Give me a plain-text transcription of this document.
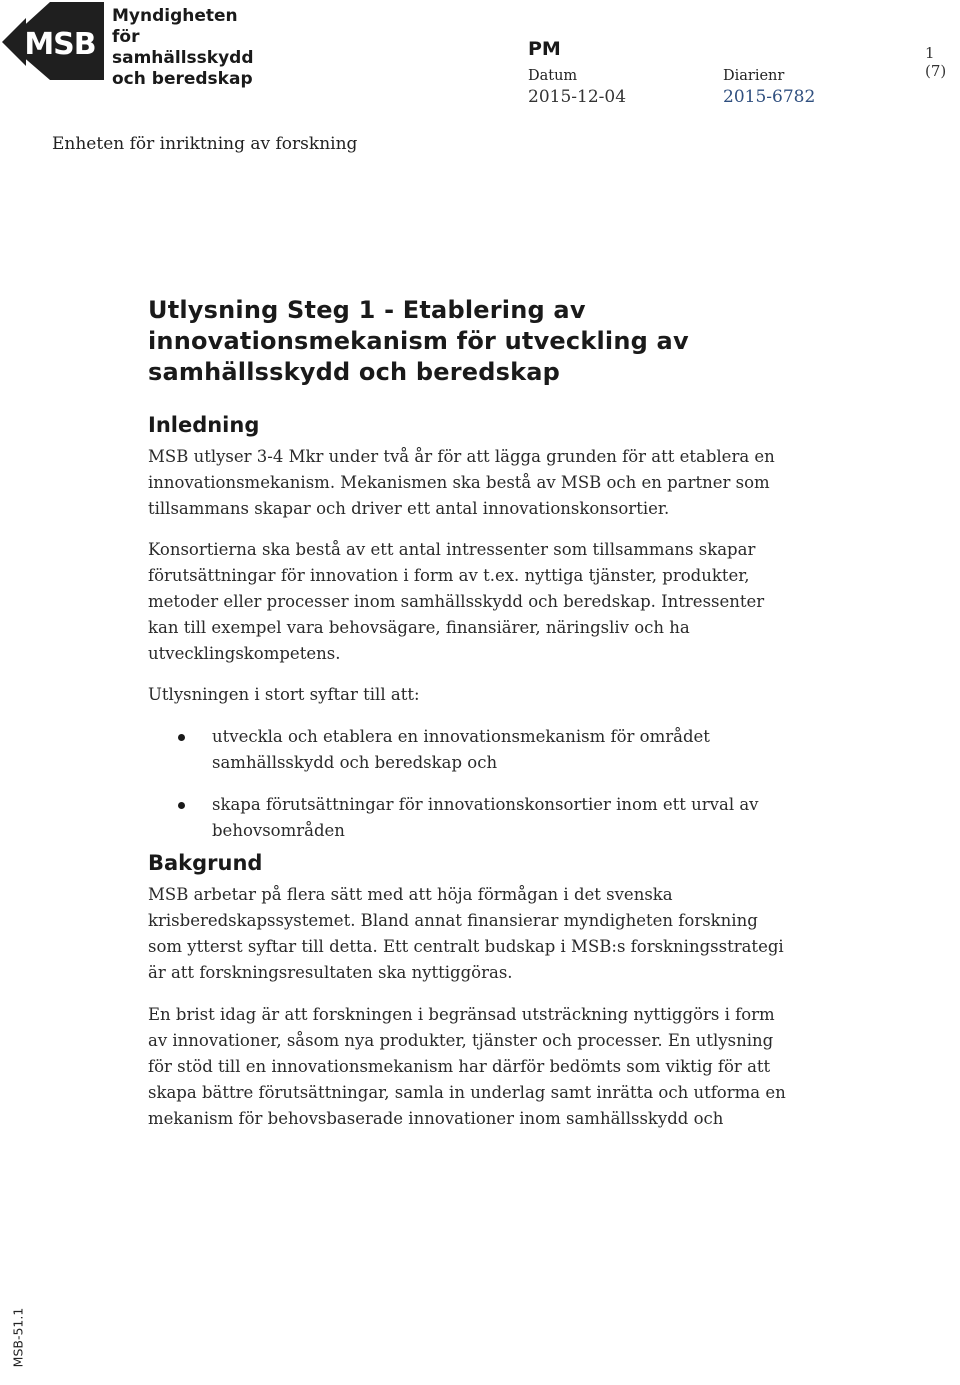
MSB
Myndigheten för
samhällsskydd
och beredskap
PM	1 (7)
Datum
2015-12-04
Diarienr
2015-6782
Enheten för inriktning av forskning
Utlysning Steg 1 - Etablering av innovationsmekanism för utveckling av samhällsskydd och beredskap
Inledning

MSB utlyser 3-4 Mkr under två år för att lägga grunden för att etablera en innovationsmekanism. Mekanismen ska bestå av MSB och en partner som tillsammans skapar och driver ett antal innovationskonsortier.

Konsortierna ska bestå av ett antal intressenter som tillsammans skapar förutsättningar för innovation i form av t.ex. nyttiga tjänster, produkter, metoder eller processer inom samhällsskydd och beredskap. Intressenter kan till exempel vara behovsägare, finansiärer, näringsliv och ha utvecklingskompetens.

Utlysningen i stort syftar till att:

utveckla och etablera en innovationsmekanism för området samhällsskydd och beredskap och
skapa förutsättningar för innovationskonsortier inom ett urval av behovsområden
Bakgrund

MSB arbetar på flera sätt med att höja förmågan i det svenska krisberedskapssystemet. Bland annat finansierar myndigheten forskning som ytterst syftar till detta. Ett centralt budskap i MSB:s forskningsstrategi är att forskningsresultaten ska nyttiggöras.

En brist idag är att forskningen i begränsad utsträckning nyttiggörs i form av innovationer, såsom nya produkter, tjänster och processer. En utlysning för stöd till en innovationsmekanism har därför bedömts som viktig för att skapa bättre förutsättningar, samla in underlag samt inrätta och utforma en mekanism för behovsbaserade innovationer inom samhällsskydd och

MSB-51.1
